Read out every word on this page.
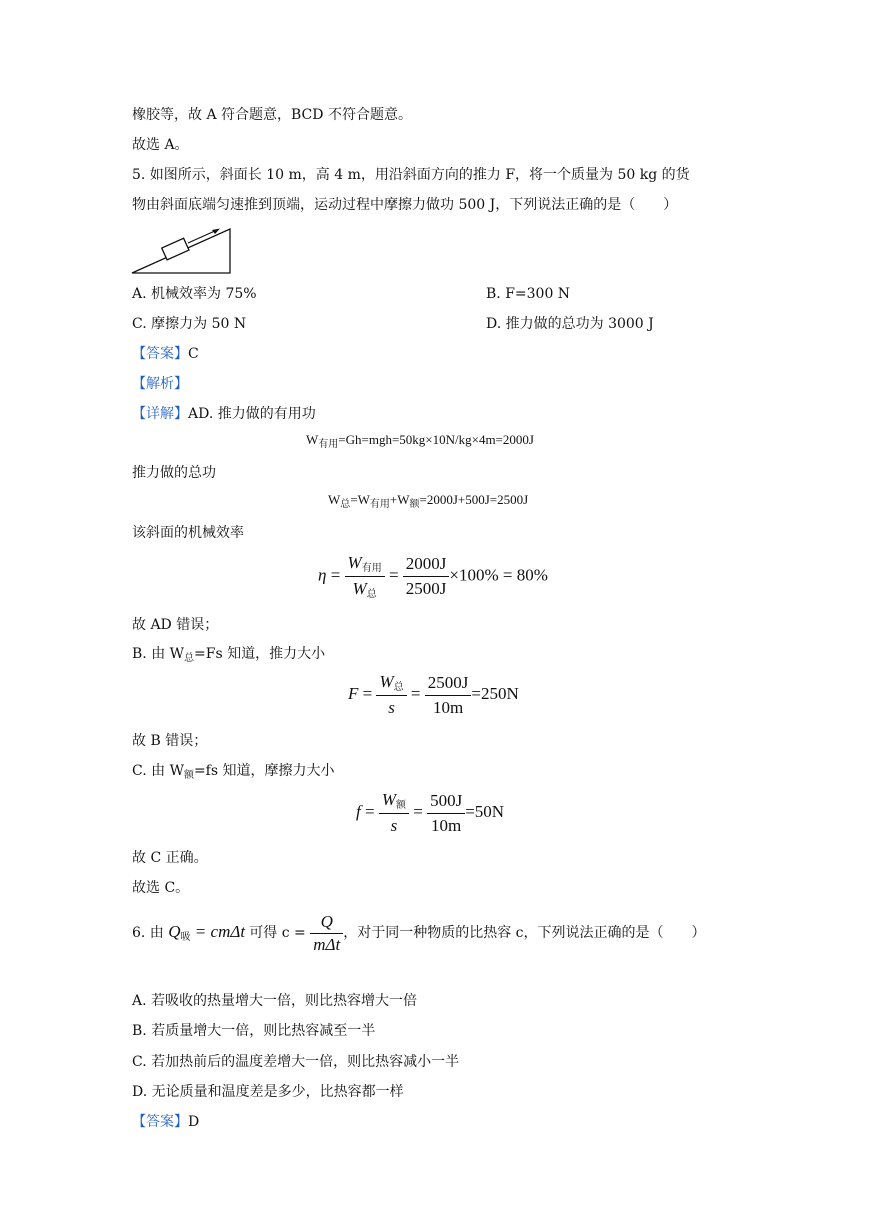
橡胶等，故 A 符合题意，BCD 不符合题意。
故选 A。
5. 如图所示，斜面长 10 m，高 4 m，用沿斜面方向的推力 F，将一个质量为 50 kg 的货
物由斜面底端匀速推到顶端，运动过程中摩擦力做功 500 J，下列说法正确的是（　　）
A. 机械效率为 75%	B. F=300 N
C. 摩擦力为 50 N	D. 推力做的总功为 3000 J
【答案】C
【解析】
【详解】AD. 推力做的有用功
$W_{有用}=Gh=mgh=50kg\times 10N/kg\times 4m=2000J$
推力做的总功
$W_总=W_{有用}+W_额=2000J+500J=2500J$
该斜面的机械效率
$\eta = \frac{W_{有用}}{W_总} = \frac{2000J}{2500J} \times 100\% = 80\%$
故 AD 错误；
B. 由 $W_总=Fs$ 知道，推力大小
$F = \frac{W_总}{s} = \frac{2500J}{10m} =250N$
故 B 错误；
C. 由 $W_额=fs$ 知道，摩擦力大小
$f = \frac{W_额}{s} = \frac{500J}{10m} =50N$
故 C 正确。
故选 C。
6. 由 $Q_吸 = cm\Delta t$ 可得 $c = \frac{Q}{\text{mΔt}}$ ，对于同一种物质的比热容 c，下列说法正确的是（　　）
A. 若吸收的热量增大一倍，则比热容增大一倍
B. 若质量增大一倍，则比热容减至一半
C. 若加热前后的温度差增大一倍，则比热容减小一半
D. 无论质量和温度差是多少，比热容都一样
【答案】D
